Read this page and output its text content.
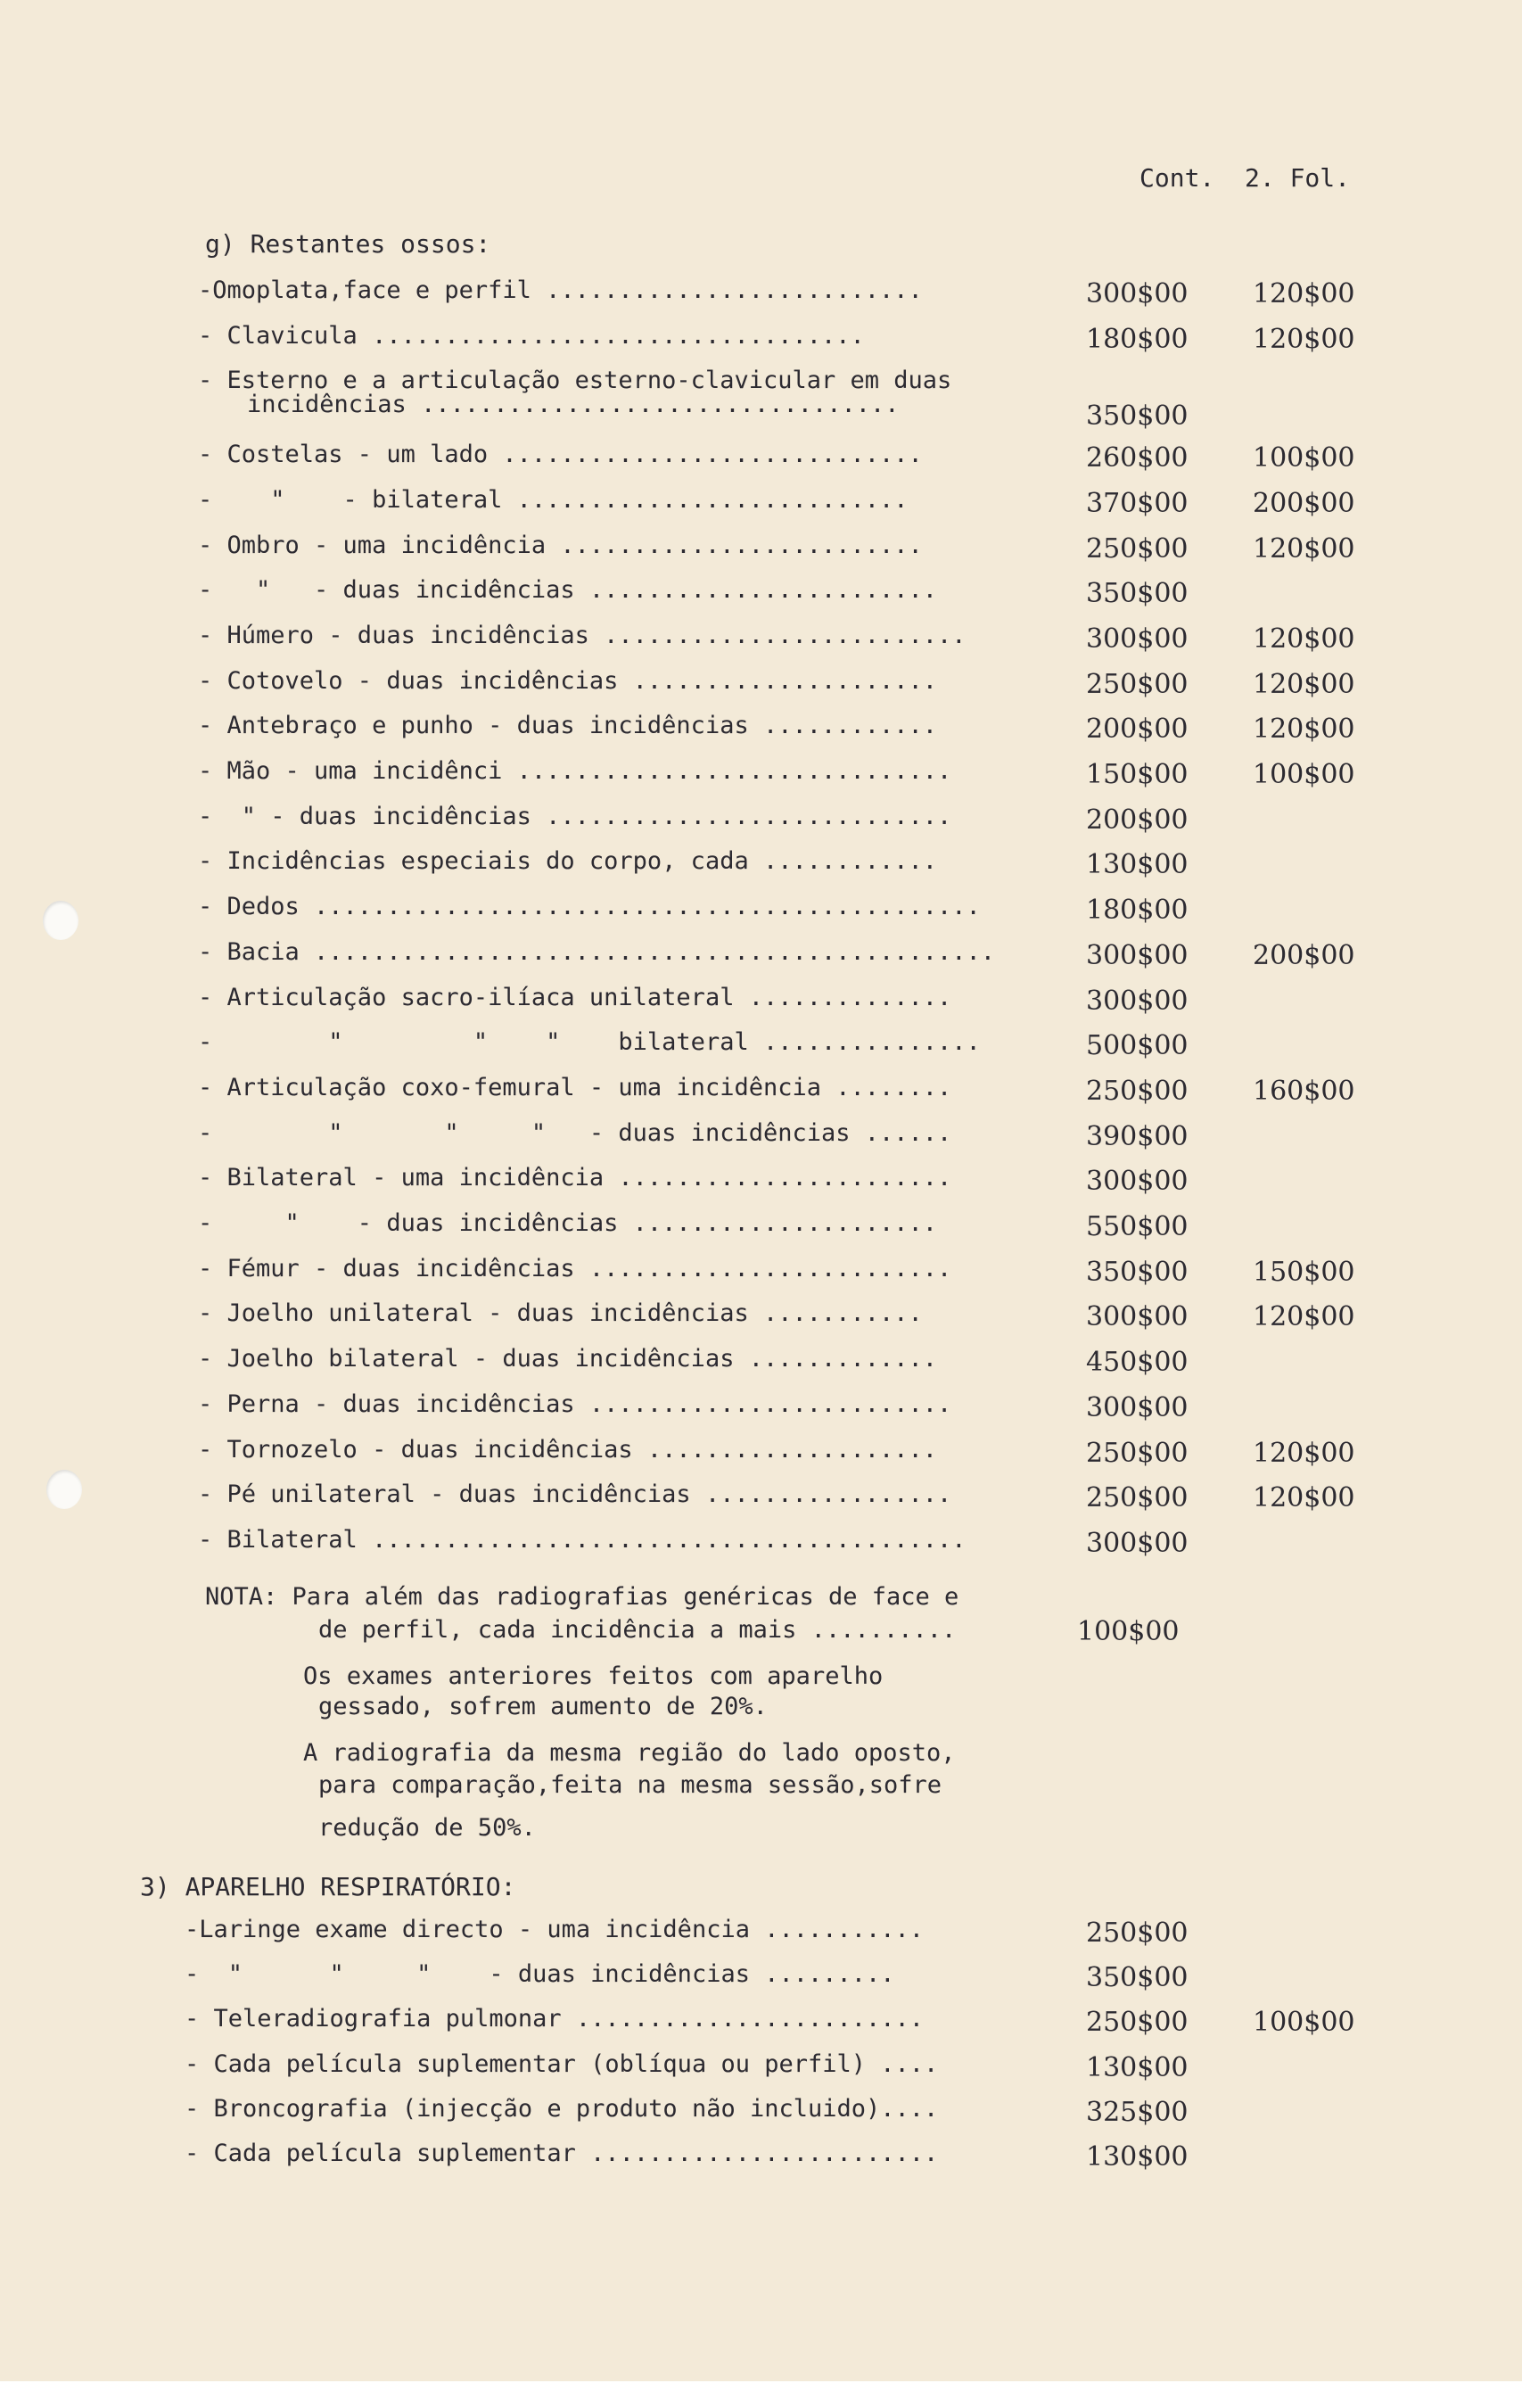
Cont.  2. Fol.
g) Restantes ossos:
-Omoplata,face e perfil ..........................	300$00 120$00
- Clavicula ..................................	180$00 120$00
- Esterno e a articulação esterno-clavicular em duas
incidências .................................	350$00
- Costelas - um lado .............................	260$00 100$00
-    "    - bilateral ...........................	370$00 200$00
- Ombro - uma incidência .........................	250$00 120$00
-   "   - duas incidências ........................	350$00
- Húmero - duas incidências .........................	300$00 120$00
- Cotovelo - duas incidências .....................	250$00 120$00
- Antebraço e punho - duas incidências ............	200$00 120$00
- Mão - uma incidênci ..............................	150$00 100$00
-  " - duas incidências ............................	200$00
- Incidências especiais do corpo, cada ............	130$00
- Dedos ..............................................	180$00
- Bacia ...............................................	300$00 200$00
- Articulação sacro-ilíaca unilateral ..............	300$00
-        "         "    "    bilateral ...............	500$00
- Articulação coxo-femural - uma incidência ........	250$00 160$00
-        "       "     "   - duas incidências ......	390$00
- Bilateral - uma incidência .......................	300$00
-     "    - duas incidências .....................	550$00
- Fémur - duas incidências .........................	350$00 150$00
- Joelho unilateral - duas incidências ...........	300$00 120$00
- Joelho bilateral - duas incidências .............	450$00
- Perna - duas incidências .........................	300$00
- Tornozelo - duas incidências ....................	250$00 120$00
- Pé unilateral - duas incidências .................	250$00 120$00
- Bilateral .........................................	300$00
NOTA: Para além das radiografias genéricas de face e
de perfil, cada incidência a mais ..........	100$00
Os exames anteriores feitos com aparelho
gessado, sofrem aumento de 20%.
A radiografia da mesma região do lado oposto,
para comparação,feita na mesma sessão,sofre
redução de 50%.
3) APARELHO RESPIRATÓRIO:
-Laringe exame directo - uma incidência ...........	250$00
-  "      "     "    - duas incidências .........	350$00
- Teleradiografia pulmonar ........................	250$00 100$00
- Cada película suplementar (oblíqua ou perfil) ....	130$00
- Broncografia (injecção e produto não incluido)....	325$00
- Cada película suplementar ........................	130$00
